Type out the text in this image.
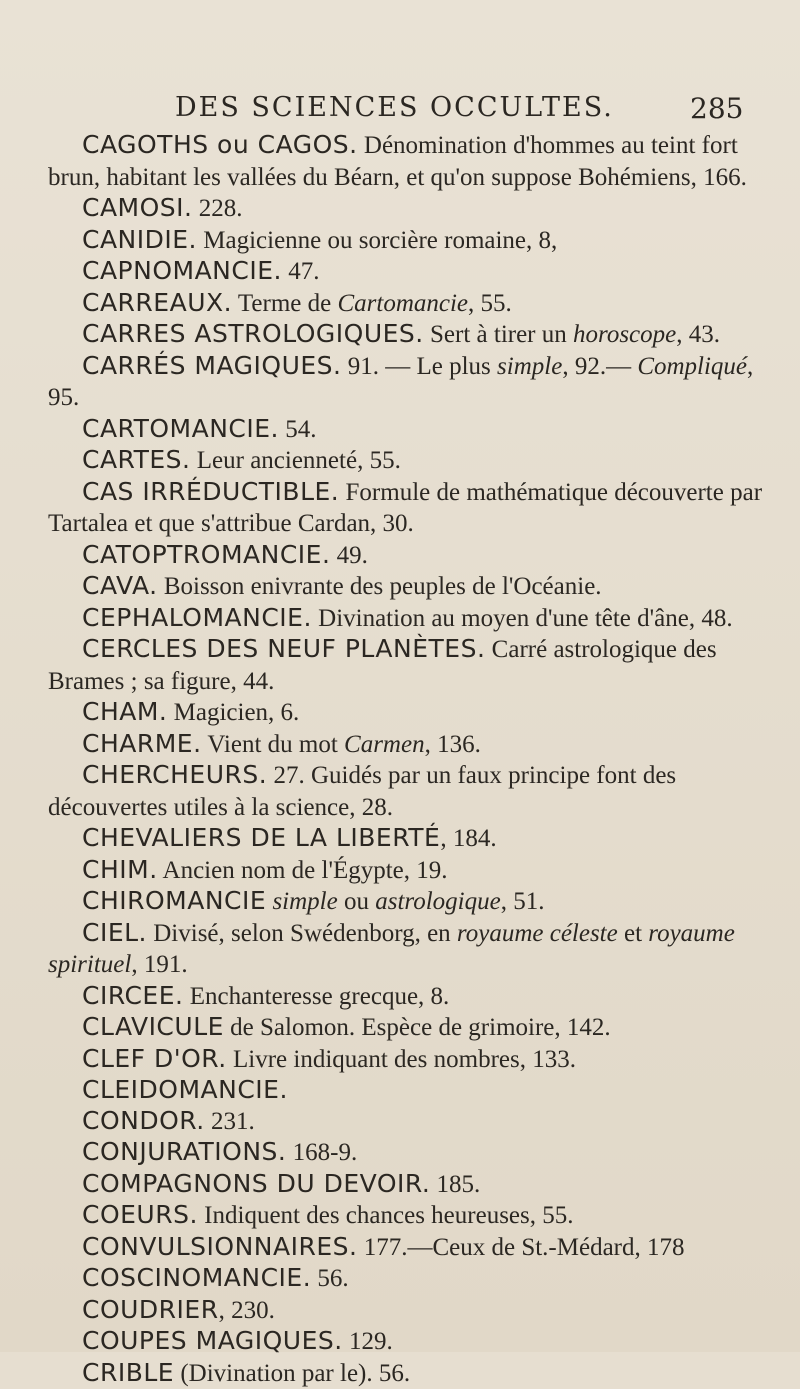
DES SCIENCES OCCULTES.	285

CAGOTHS ou CAGOS. Dénomination d'hommes au teint fort brun, habitant les vallées du Béarn, et qu'on suppose Bohémiens, 166.

CAMOSI. 228.

CANIDIE. Magicienne ou sorcière romaine, 8,

CAPNOMANCIE. 47.

CARREAUX. Terme de Cartomancie, 55.

CARRES ASTROLOGIQUES. Sert à tirer un horoscope, 43.

CARRÉS MAGIQUES. 91. — Le plus simple, 92.— Compliqué, 95.

CARTOMANCIE. 54.

CARTES. Leur ancienneté, 55.

CAS IRRÉDUCTIBLE. Formule de mathématique découverte par Tartalea et que s'attribue Cardan, 30.

CATOPTROMANCIE. 49.

CAVA. Boisson enivrante des peuples de l'Océanie.

CEPHALOMANCIE. Divination au moyen d'une tête d'âne, 48.

CERCLES DES NEUF PLANÈTES. Carré astrologique des Brames ; sa figure, 44.

CHAM. Magicien, 6.

CHARME. Vient du mot Carmen, 136.

CHERCHEURS. 27. Guidés par un faux principe font des découvertes utiles à la science, 28.

CHEVALIERS DE LA LIBERTÉ, 184.

CHIM. Ancien nom de l'Égypte, 19.

CHIROMANCIE simple ou astrologique, 51.

CIEL. Divisé, selon Swédenborg, en royaume céleste et royaume spirituel, 191.

CIRCEE. Enchanteresse grecque, 8.

CLAVICULE de Salomon. Espèce de grimoire, 142.

CLEF D'OR. Livre indiquant des nombres, 133.

CLEIDOMANCIE.

CONDOR. 231.

CONJURATIONS. 168-9.

COMPAGNONS DU DEVOIR. 185.

COEURS. Indiquent des chances heureuses, 55.

CONVULSIONNAIRES. 177.—Ceux de St.-Médard, 178

COSCINOMANCIE. 56.

COUDRIER, 230.

COUPES MAGIQUES. 129.

CRIBLE (Divination par le). 56.
